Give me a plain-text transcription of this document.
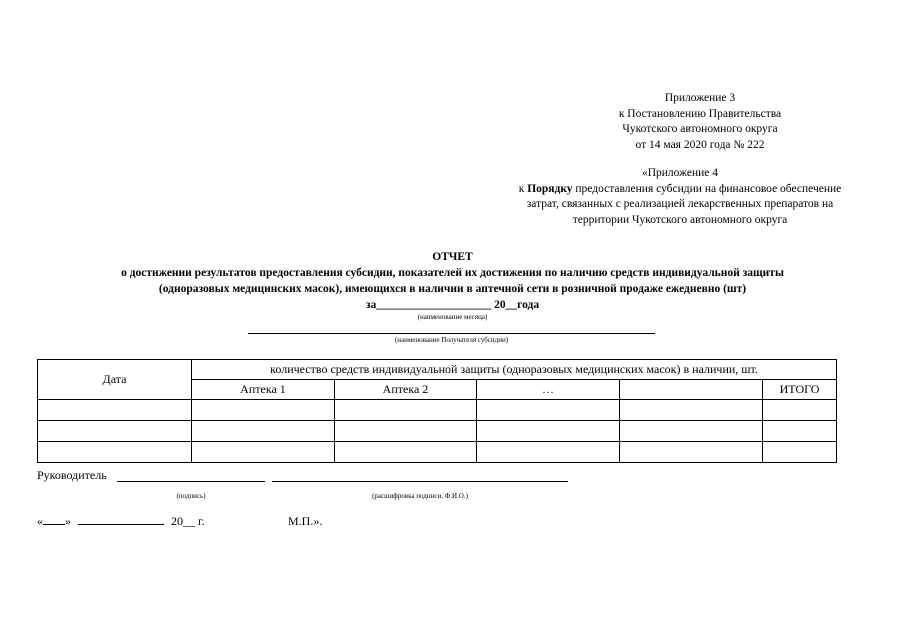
Приложение 3
к Постановлению Правительства
Чукотского автономного округа
от 14 мая 2020 года № 222
«Приложение 4
к Порядку предоставления субсидии на финансовое обеспечение
затрат, связанных с реализацией лекарственных препаратов на
территории Чукотского автономного округа
ОТЧЕТ
о достижении результатов предоставления субсидии, показателей их достижения по наличию средств индивидуальной защиты
(одноразовых медицинских масок), имеющихся в наличии в аптечной сети в розничной продаже ежедневно (шт)
за____________________ 20__года
(наименование месяца)
(наименование Получателя субсидии)
Дата	количество средств индивидуальной защиты (одноразовых медицинских масок) в наличии, шт.				
	Аптека 1	Аптека 2	…		ИТОГО

Руководитель
(подпись)	(расшифровка подписи, Ф.И.О.)
« »	20__ г.	М.П.».
